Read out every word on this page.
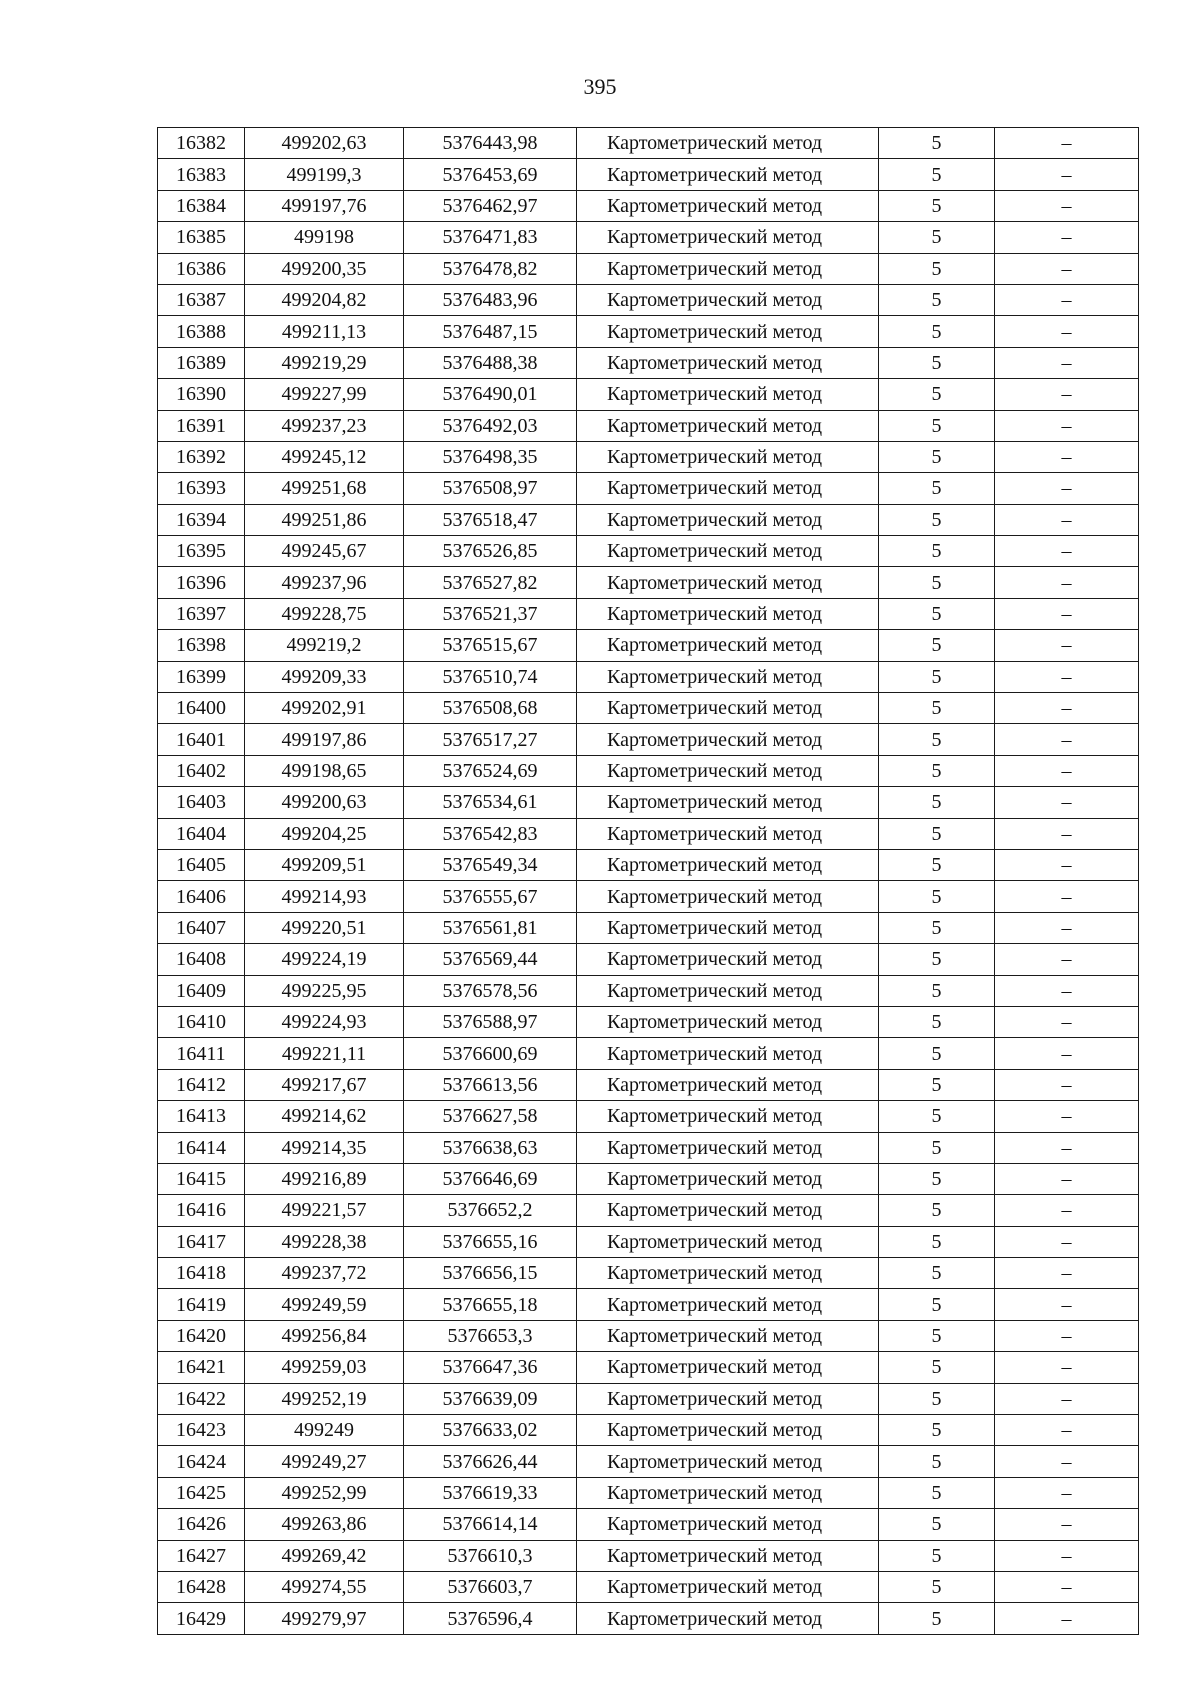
395
16382	499202,63	5376443,98	Картометрический метод	5	–
16383	499199,3	5376453,69	Картометрический метод	5	–
16384	499197,76	5376462,97	Картометрический метод	5	–
16385	499198	5376471,83	Картометрический метод	5	–
16386	499200,35	5376478,82	Картометрический метод	5	–
16387	499204,82	5376483,96	Картометрический метод	5	–
16388	499211,13	5376487,15	Картометрический метод	5	–
16389	499219,29	5376488,38	Картометрический метод	5	–
16390	499227,99	5376490,01	Картометрический метод	5	–
16391	499237,23	5376492,03	Картометрический метод	5	–
16392	499245,12	5376498,35	Картометрический метод	5	–
16393	499251,68	5376508,97	Картометрический метод	5	–
16394	499251,86	5376518,47	Картометрический метод	5	–
16395	499245,67	5376526,85	Картометрический метод	5	–
16396	499237,96	5376527,82	Картометрический метод	5	–
16397	499228,75	5376521,37	Картометрический метод	5	–
16398	499219,2	5376515,67	Картометрический метод	5	–
16399	499209,33	5376510,74	Картометрический метод	5	–
16400	499202,91	5376508,68	Картометрический метод	5	–
16401	499197,86	5376517,27	Картометрический метод	5	–
16402	499198,65	5376524,69	Картометрический метод	5	–
16403	499200,63	5376534,61	Картометрический метод	5	–
16404	499204,25	5376542,83	Картометрический метод	5	–
16405	499209,51	5376549,34	Картометрический метод	5	–
16406	499214,93	5376555,67	Картометрический метод	5	–
16407	499220,51	5376561,81	Картометрический метод	5	–
16408	499224,19	5376569,44	Картометрический метод	5	–
16409	499225,95	5376578,56	Картометрический метод	5	–
16410	499224,93	5376588,97	Картометрический метод	5	–
16411	499221,11	5376600,69	Картометрический метод	5	–
16412	499217,67	5376613,56	Картометрический метод	5	–
16413	499214,62	5376627,58	Картометрический метод	5	–
16414	499214,35	5376638,63	Картометрический метод	5	–
16415	499216,89	5376646,69	Картометрический метод	5	–
16416	499221,57	5376652,2	Картометрический метод	5	–
16417	499228,38	5376655,16	Картометрический метод	5	–
16418	499237,72	5376656,15	Картометрический метод	5	–
16419	499249,59	5376655,18	Картометрический метод	5	–
16420	499256,84	5376653,3	Картометрический метод	5	–
16421	499259,03	5376647,36	Картометрический метод	5	–
16422	499252,19	5376639,09	Картометрический метод	5	–
16423	499249	5376633,02	Картометрический метод	5	–
16424	499249,27	5376626,44	Картометрический метод	5	–
16425	499252,99	5376619,33	Картометрический метод	5	–
16426	499263,86	5376614,14	Картометрический метод	5	–
16427	499269,42	5376610,3	Картометрический метод	5	–
16428	499274,55	5376603,7	Картометрический метод	5	–
16429	499279,97	5376596,4	Картометрический метод	5	–
